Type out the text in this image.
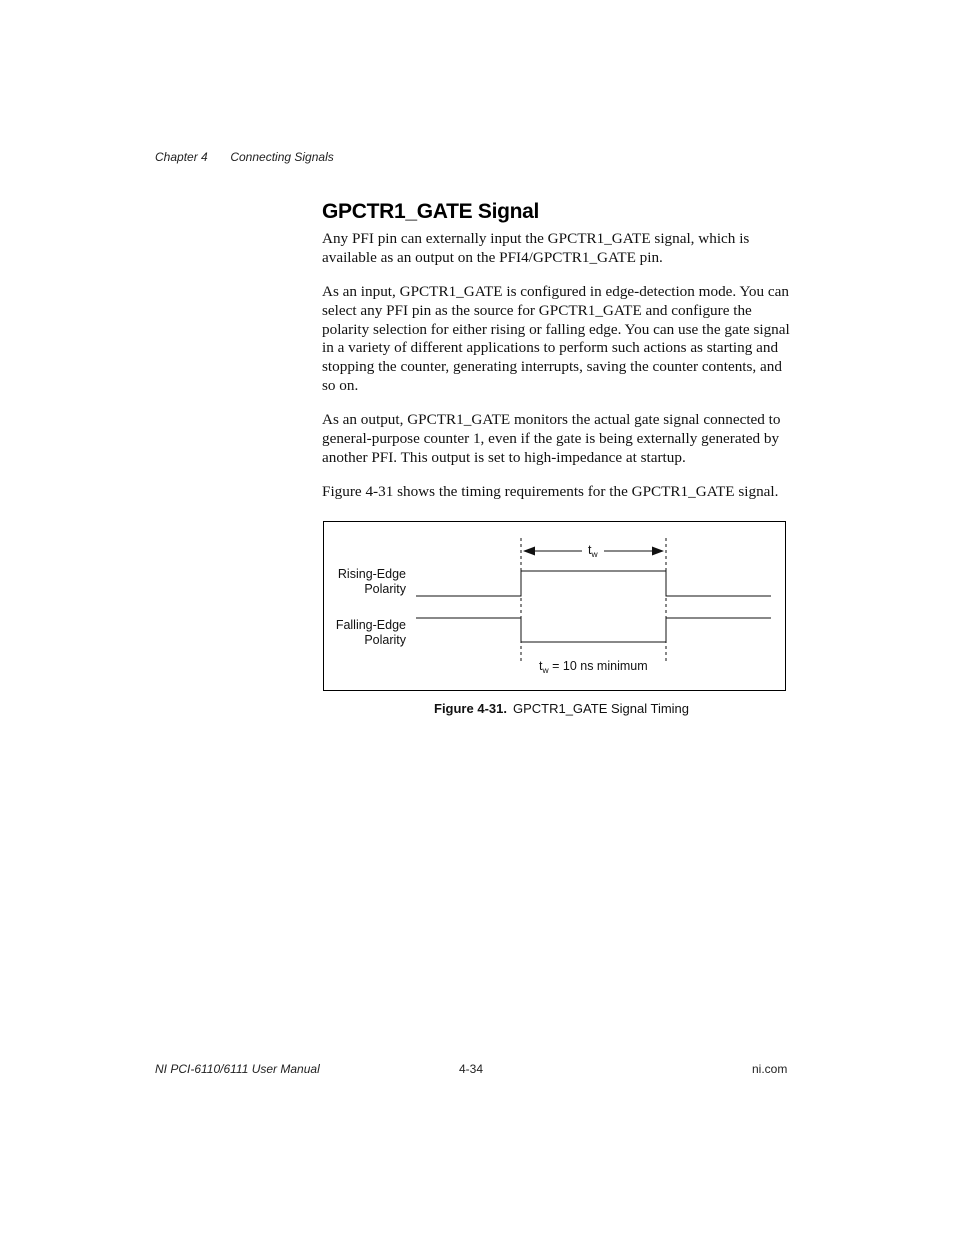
Chapter 4 Connecting Signals
GPCTR1_GATE Signal

Any PFI pin can externally input the GPCTR1_GATE signal, which is available as an output on the PFI4/GPCTR1_GATE pin.

As an input, GPCTR1_GATE is configured in edge-detection mode. You can select any PFI pin as the source for GPCTR1_GATE and configure the polarity selection for either rising or falling edge. You can use the gate signal in a variety of different applications to perform such actions as starting and stopping the counter, generating interrupts, saving the counter contents, and so on.

As an output, GPCTR1_GATE monitors the actual gate signal connected to general-purpose counter 1, even if the gate is being externally generated by another PFI. This output is set to high-impedance at startup.

Figure 4-31 shows the timing requirements for the GPCTR1_GATE signal.

$t_w$
Rising-Edge
Polarity
Falling-Edge
Polarity
$t_w = 10$ ns minimum
Figure 4-31. GPCTR1_GATE Signal Timing
NI PCI-6110/6111 User Manual	4-34	ni.com
